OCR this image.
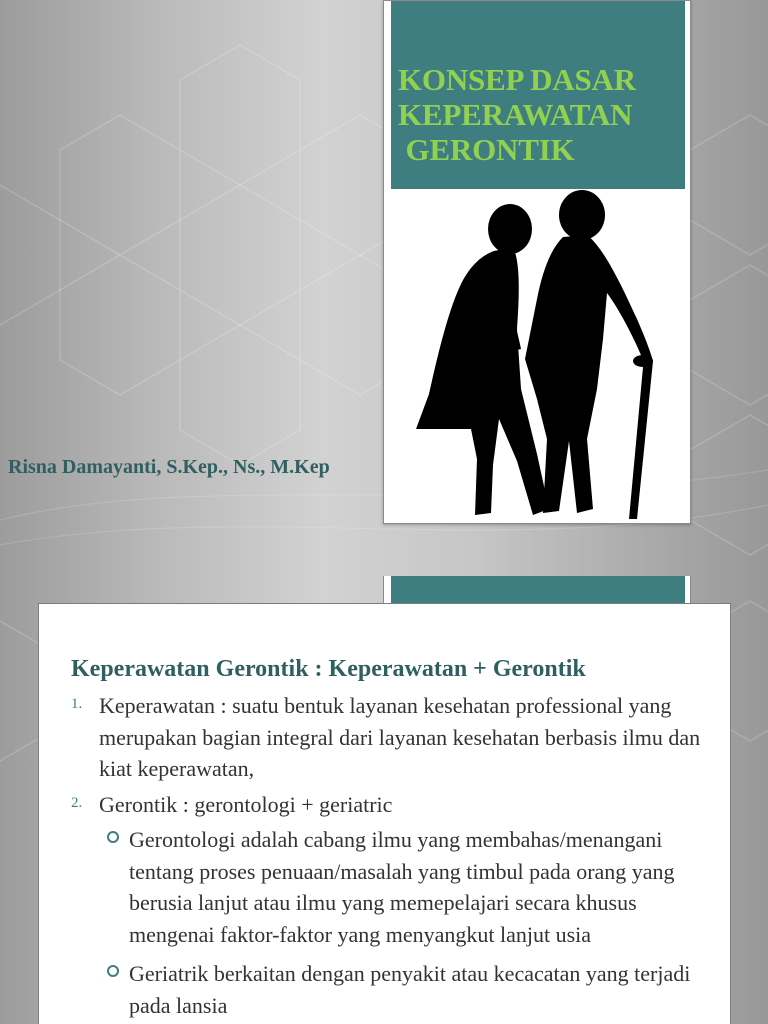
KONSEP DASAR
KEPERAWATAN
GERONTIK

Risna Damayanti, S.Kep., Ns., M.Kep

Keperawatan Gerontik : Keperawatan + Gerontik

1. Keperawatan : suatu bentuk layanan kesehatan professional yang merupakan bagian integral dari layanan kesehatan berbasis ilmu dan kiat keperawatan,

2. Gerontik : gerontologi + geriatric

Gerontologi adalah cabang ilmu yang membahas/menangani tentang proses penuaan/masalah yang timbul pada orang yang berusia lanjut atau ilmu yang memepelajari secara khusus mengenai faktor-faktor yang menyangkut lanjut usia

Geriatrik berkaitan dengan penyakit atau kecacatan yang terjadi pada lansia
